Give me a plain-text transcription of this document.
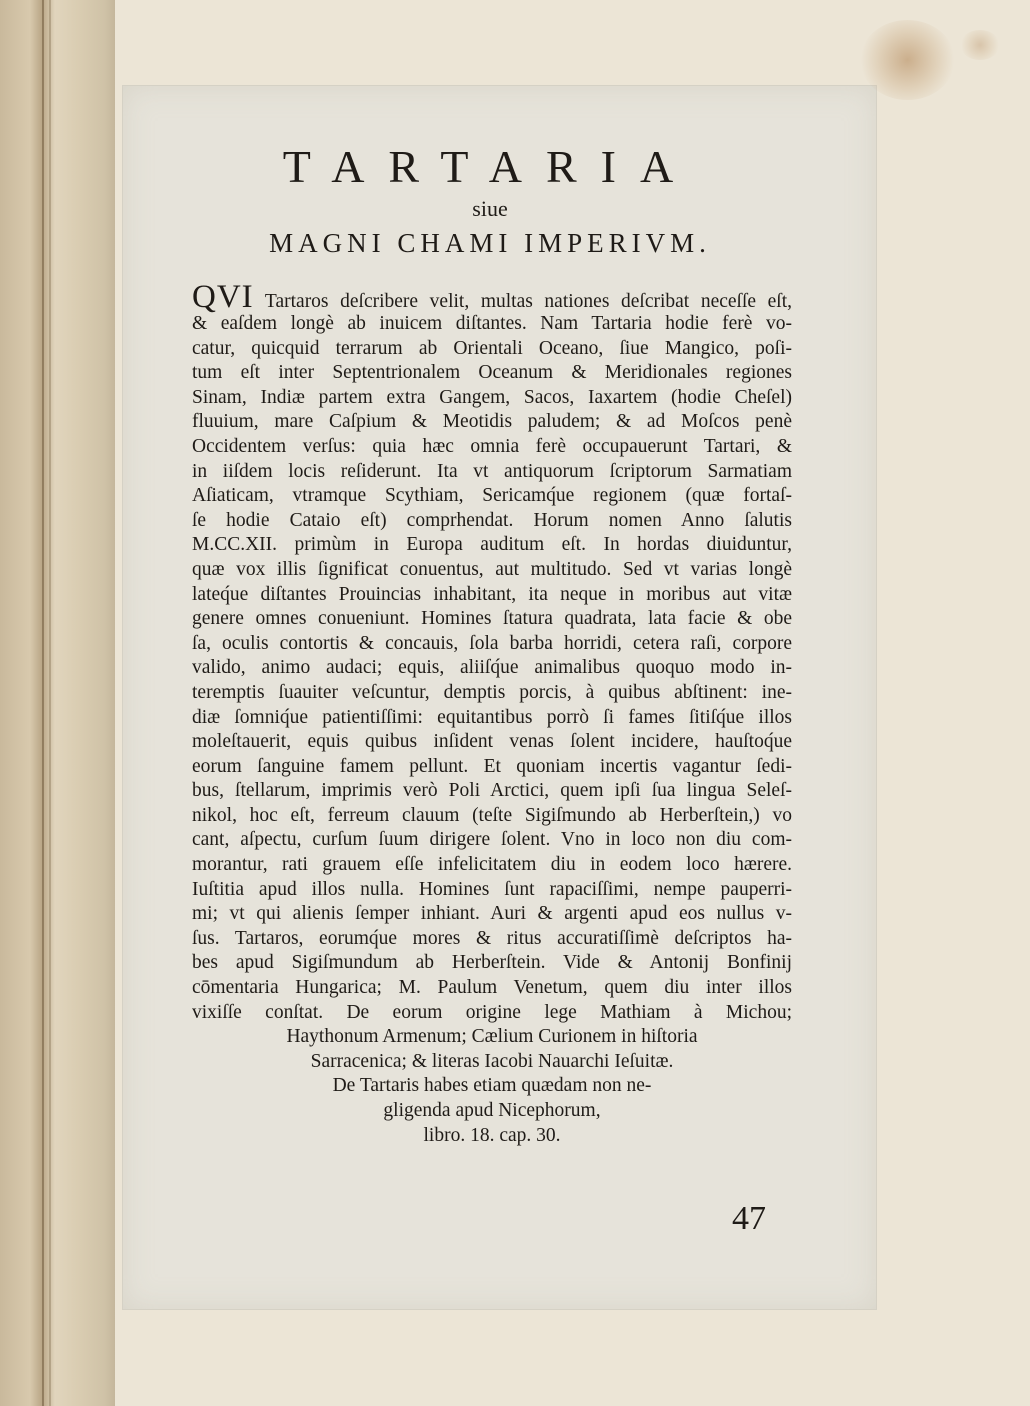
TARTARIA
siue
MAGNI CHAMI IMPERIVM.
QVI Tartaros deſcribere velit, multas nationes deſcribat neceſſe eſt,
& eaſdem longè ab inuicem diſtantes. Nam Tartaria hodie ferè vo-
catur, quicquid terrarum ab Orientali Oceano, ſiue Mangico, poſi-
tum eſt inter Septentrionalem Oceanum & Meridionales regiones
Sinam, Indiæ partem extra Gangem, Sacos, Iaxartem (hodie Cheſel)
fluuium, mare Caſpium & Meotidis paludem; & ad Moſcos penè
Occidentem verſus: quia hæc omnia ferè occupauerunt Tartari, &
in iiſdem locis reſiderunt. Ita vt antiquorum ſcriptorum Sarmatiam
Aſiaticam, vtramque Scythiam, Sericamq́ue regionem (quæ fortaſ-
ſe hodie Cataio eſt) comprhendat. Horum nomen Anno ſalutis
M.CC.XII. primùm in Europa auditum eſt. In hordas diuiduntur,
quæ vox illis ſignificat conuentus, aut multitudo. Sed vt varias longè
lateq́ue diſtantes Prouincias inhabitant, ita neque in moribus aut vitæ
genere omnes conueniunt. Homines ſtatura quadrata, lata facie & obe
ſa, oculis contortis & concauis, ſola barba horridi, cetera raſi, corpore
valido, animo audaci; equis, aliiſq́ue animalibus quoquo modo in-
teremptis ſuauiter veſcuntur, demptis porcis, à quibus abſtinent: ine-
diæ ſomniq́ue patientiſſimi: equitantibus porrò ſi fames ſitiſq́ue illos
moleſtauerit, equis quibus inſident venas ſolent incidere, hauſtoq́ue
eorum ſanguine famem pellunt. Et quoniam incertis vagantur ſedi-
bus, ſtellarum, imprimis verò Poli Arctici, quem ipſi ſua lingua Seleſ-
nikol, hoc eſt, ferreum clauum (teſte Sigiſmundo ab Herberſtein,) vo
cant, aſpectu, curſum ſuum dirigere ſolent. Vno in loco non diu com-
morantur, rati grauem eſſe infelicitatem diu in eodem loco hærere.
Iuſtitia apud illos nulla. Homines ſunt rapaciſſimi, nempe pauperri-
mi; vt qui alienis ſemper inhiant. Auri & argenti apud eos nullus v-
ſus. Tartaros, eorumq́ue mores & ritus accuratiſſimè deſcriptos ha-
bes apud Sigiſmundum ab Herberſtein. Vide & Antonij Bonfinij
cōmentaria Hungarica; M. Paulum Venetum, quem diu inter illos
vixiſſe conſtat. De eorum origine lege Mathiam à Michou;
Haythonum Armenum; Cælium Curionem in hiſtoria
Sarracenica; & literas Iacobi Nauarchi Ieſuitæ.
De Tartaris habes etiam quædam non ne-
gligenda apud Nicephorum,
libro. 18. cap. 30.
47
